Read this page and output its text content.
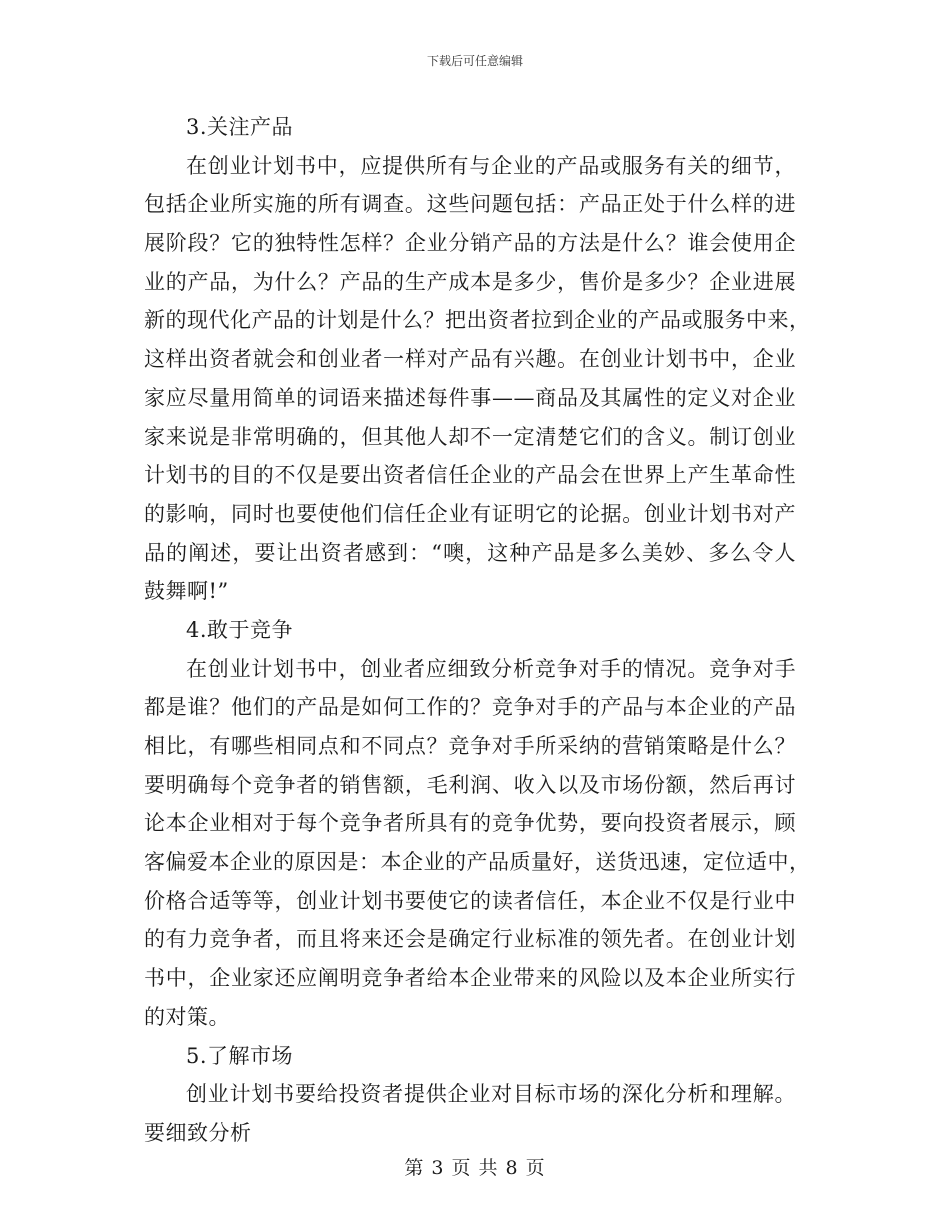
下载后可任意编辑
3.关注产品
在创业计划书中，应提供所有与企业的产品或服务有关的细节，
包括企业所实施的所有调查。这些问题包括：产品正处于什么样的进
展阶段？它的独特性怎样？企业分销产品的方法是什么？谁会使用企
业的产品，为什么？产品的生产成本是多少，售价是多少？企业进展
新的现代化产品的计划是什么？把出资者拉到企业的产品或服务中来，
这样出资者就会和创业者一样对产品有兴趣。在创业计划书中，企业
家应尽量用简单的词语来描述每件事——商品及其属性的定义对企业
家来说是非常明确的，但其他人却不一定清楚它们的含义。制订创业
计划书的目的不仅是要出资者信任企业的产品会在世界上产生革命性
的影响，同时也要使他们信任企业有证明它的论据。创业计划书对产
品的阐述，要让出资者感到：“噢，这种产品是多么美妙、多么令人
鼓舞啊!”
4.敢于竞争
在创业计划书中，创业者应细致分析竞争对手的情况。竞争对手
都是谁？他们的产品是如何工作的？竞争对手的产品与本企业的产品
相比，有哪些相同点和不同点？竞争对手所采纳的营销策略是什么？
要明确每个竞争者的销售额，毛利润、收入以及市场份额，然后再讨
论本企业相对于每个竞争者所具有的竞争优势，要向投资者展示，顾
客偏爱本企业的原因是：本企业的产品质量好，送货迅速，定位适中，
价格合适等等，创业计划书要使它的读者信任，本企业不仅是行业中
的有力竞争者，而且将来还会是确定行业标准的领先者。在创业计划
书中，企业家还应阐明竞争者给本企业带来的风险以及本企业所实行
的对策。
5.了解市场
创业计划书要给投资者提供企业对目标市场的深化分析和理解。
要细致分析
第 3 页 共 8 页
